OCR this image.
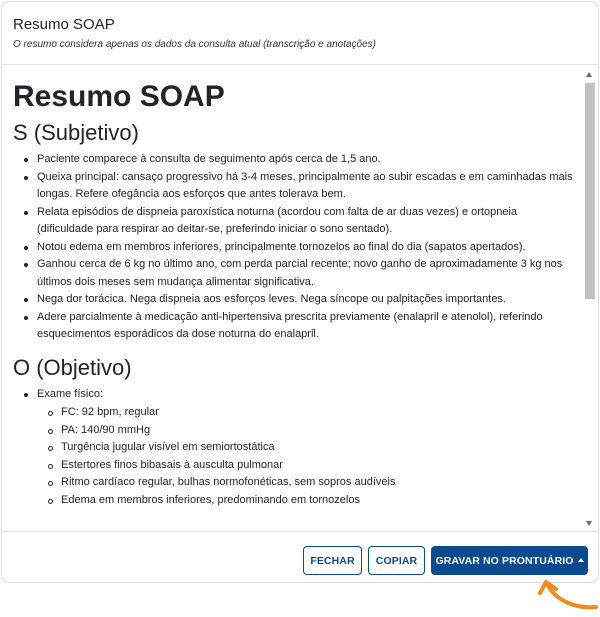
Resumo SOAP
O resumo considera apenas os dados da consulta atual (transcrição e anotações)
Resumo SOAP
S (Subjetivo)
Paciente comparece à consulta de seguimento após cerca de 1,5 ano.
Queixa principal: cansaço progressivo há 3-4 meses, principalmente ao subir escadas e em caminhadas mais longas. Refere ofegância aos esforços que antes tolerava bem.
Relata episódios de dispneia paroxística noturna (acordou com falta de ar duas vezes) e ortopneia (dificuldade para respirar ao deitar-se, preferindo iniciar o sono sentado).
Notou edema em membros inferiores, principalmente tornozelos ao final do dia (sapatos apertados).
Ganhou cerca de 6 kg no último ano, com perda parcial recente; novo ganho de aproximadamente 3 kg nos últimos dois meses sem mudança alimentar significativa.
Nega dor torácica. Nega dispneia aos esforços leves. Nega síncope ou palpitações importantes.
Adere parcialmente à medicação anti-hipertensiva prescrita previamente (enalapril e atenolol), referindo esquecimentos esporádicos da dose noturna do enalapril.
O (Objetivo)
Exame físico:
FC: 92 bpm, regular
PA: 140/90 mmHg
Turgência jugular visível em semiortostática
Estertores finos bibasais à ausculta pulmonar
Ritmo cardíaco regular, bulhas normofonéticas, sem sopros audíveis
Edema em membros inferiores, predominando em tornozelos
FECHAR	COPIAR	GRAVAR NO PRONTUÁRIO
